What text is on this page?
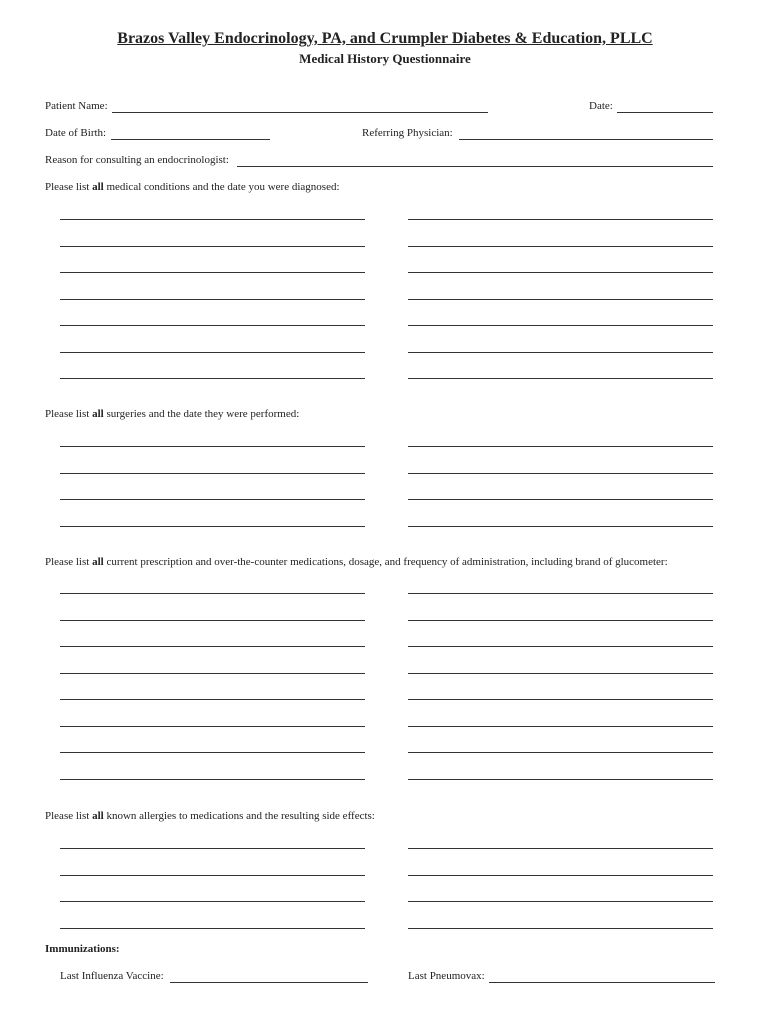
Brazos Valley Endocrinology, PA, and Crumpler Diabetes & Education, PLLC
Medical History Questionnaire
Patient Name:	Date:
Date of Birth:	Referring Physician:
Reason for consulting an endocrinologist:
Please list all medical conditions and the date you were diagnosed:
Please list all surgeries and the date they were performed:
Please list all current prescription and over-the-counter medications, dosage, and frequency of administration, including brand of glucometer:
Please list all known allergies to medications and the resulting side effects:
Immunizations:
Last Influenza Vaccine:	Last Pneumovax:
